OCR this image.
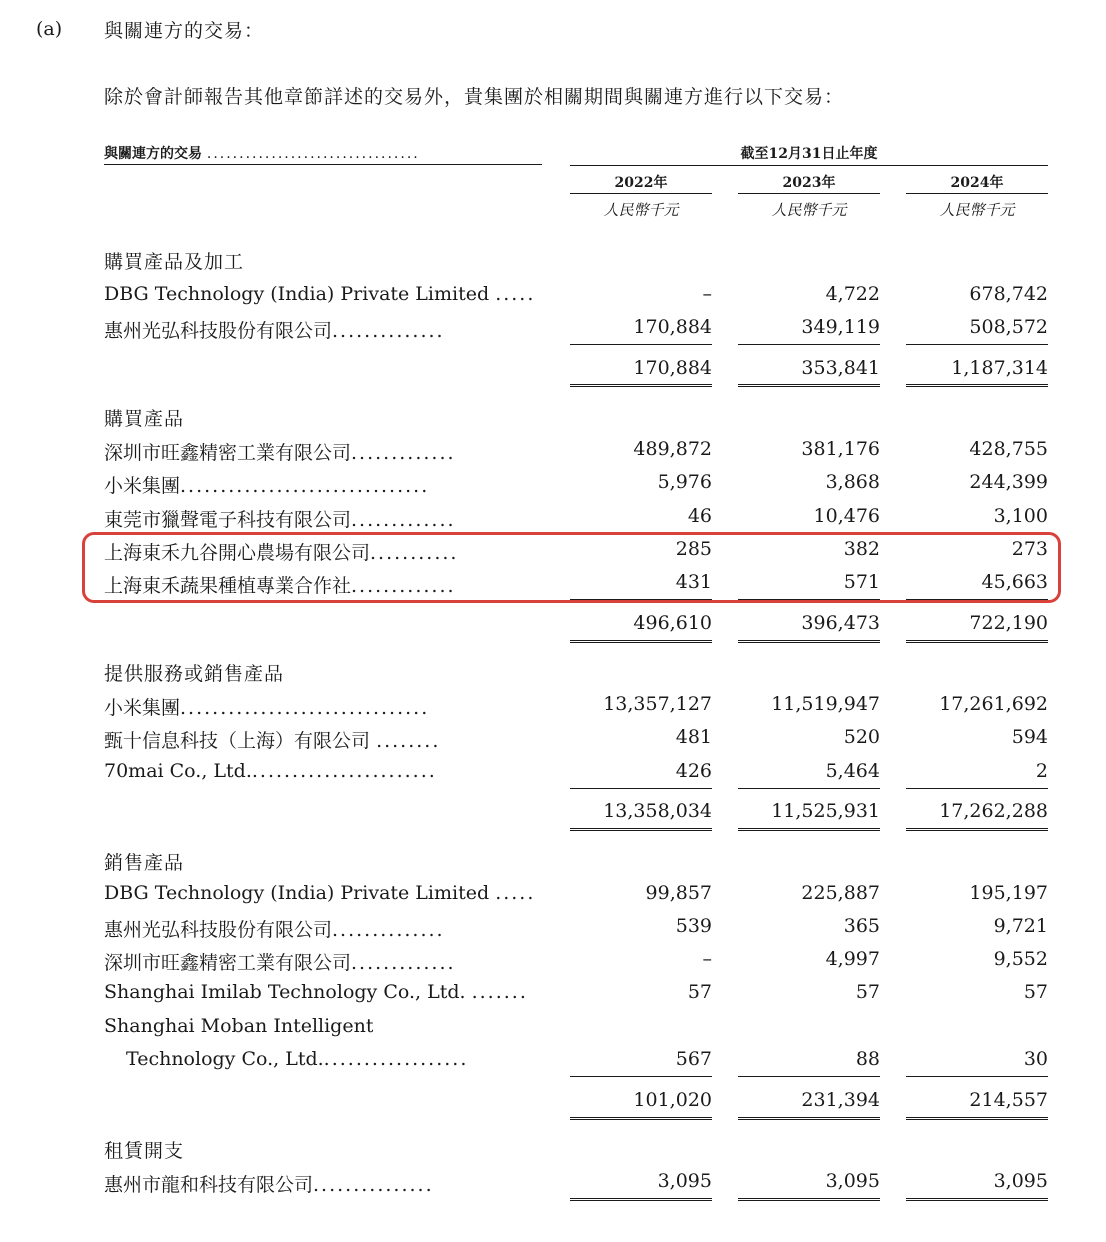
(a) 與關連方的交易：
除於會計師報告其他章節詳述的交易外，貴集團於相關期間與關連方進行以下交易：
與關連方的交易 .................................	截至12月31日止年度
2022年	2023年	2024年
人民幣千元	人民幣千元	人民幣千元
購買產品及加工
DBG Technology (India) Private Limited .....	–	4,722	678,742
惠州光弘科技股份有限公司..............	170,884	349,119	508,572
170,884	353,841	1,187,314
購買產品
深圳市旺鑫精密工業有限公司.............	489,872	381,176	428,755
小米集團...............................	5,976	3,868	244,399
東莞市獵聲電子科技有限公司.............	46	10,476	3,100
上海東禾九谷開心農場有限公司...........	285	382	273
上海東禾蔬果種植專業合作社.............	431	571	45,663
496,610	396,473	722,190
提供服務或銷售產品
小米集團...............................	13,357,127	11,519,947	17,261,692
甄十信息科技（上海）有限公司 ........	481	520	594
70mai Co., Ltd........................	426	5,464	2
13,358,034	11,525,931	17,262,288
銷售產品
DBG Technology (India) Private Limited .....	99,857	225,887	195,197
惠州光弘科技股份有限公司..............	539	365	9,721
深圳市旺鑫精密工業有限公司.............	–	4,997	9,552
Shanghai Imilab Technology Co., Ltd. .......	57	57	57
Shanghai Moban Intelligent
Technology Co., Ltd...................	567	88	30
101,020	231,394	214,557
租賃開支
惠州市龍和科技有限公司...............	3,095	3,095	3,095
